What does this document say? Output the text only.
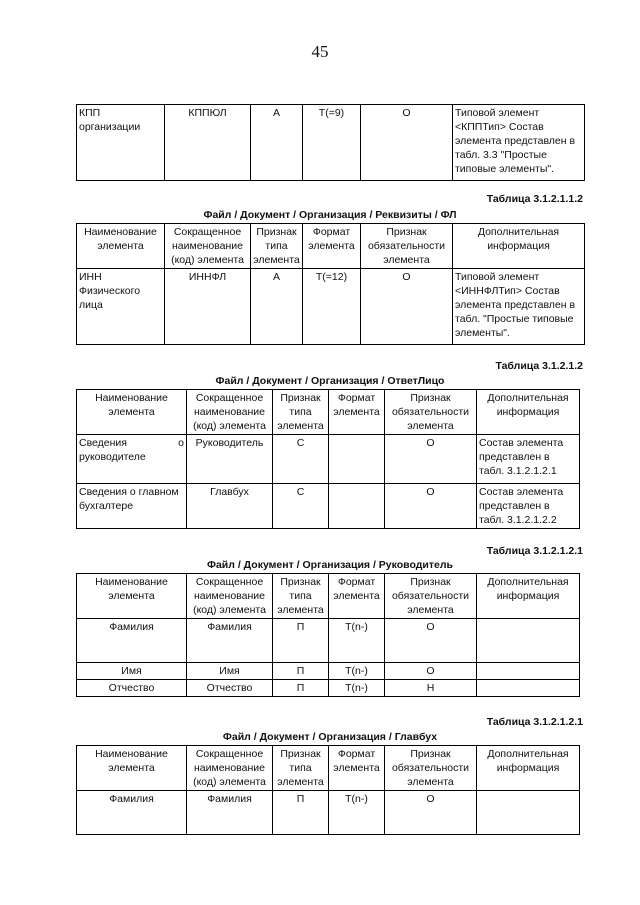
45
КПП организации	КППЮЛ	А	T(=9)	О	Типовой элемент <КППТип> Состав элемента представлен в табл. 3.3 "Простые типовые элементы".
Таблица 3.1.2.1.1.2
Файл / Документ / Организация / Реквизиты / ФЛ
Наименование элемента	Сокращенное наименование (код) элемента	Признак типа элемента	Формат элемента	Признак обязательности элемента	Дополнительная информация
ИНН Физического лица	ИННФЛ	А	T(=12)	О	Типовой элемент <ИННФЛТип> Состав элемента представлен в табл. "Простые типовые элементы".
Таблица 3.1.2.1.2
Файл / Документ / Организация / ОтветЛицо
Наименование элемента	Сокращенное наименование (код) элемента	Признак типа элемента	Формат элемента	Признак обязательности элемента	Дополнительная информация

Сведения о руководителе	Руководитель	С		О	Состав элемента представлен в табл. 3.1.2.1.2.1
Сведения о главном бухгалтере	Главбух	С		О	Состав элемента представлен в табл. 3.1.2.1.2.2
Таблица 3.1.2.1.2.1
Файл / Документ / Организация / Руководитель
Наименование элемента	Сокращенное наименование (код) элемента	Признак типа элемента	Формат элемента	Признак обязательности элемента	Дополнительная информация
Фамилия	Фамилия	П	T(n-)	О	
Имя	Имя	П	T(n-)	О	
Отчество	Отчество	П	T(n-)	Н	
Таблица 3.1.2.1.2.1
Файл / Документ / Организация / Главбух
Наименование элемента	Сокращенное наименование (код) элемента	Признак типа элемента	Формат элемента	Признак обязательности элемента	Дополнительная информация
Фамилия	Фамилия	П	T(n-)	О	
